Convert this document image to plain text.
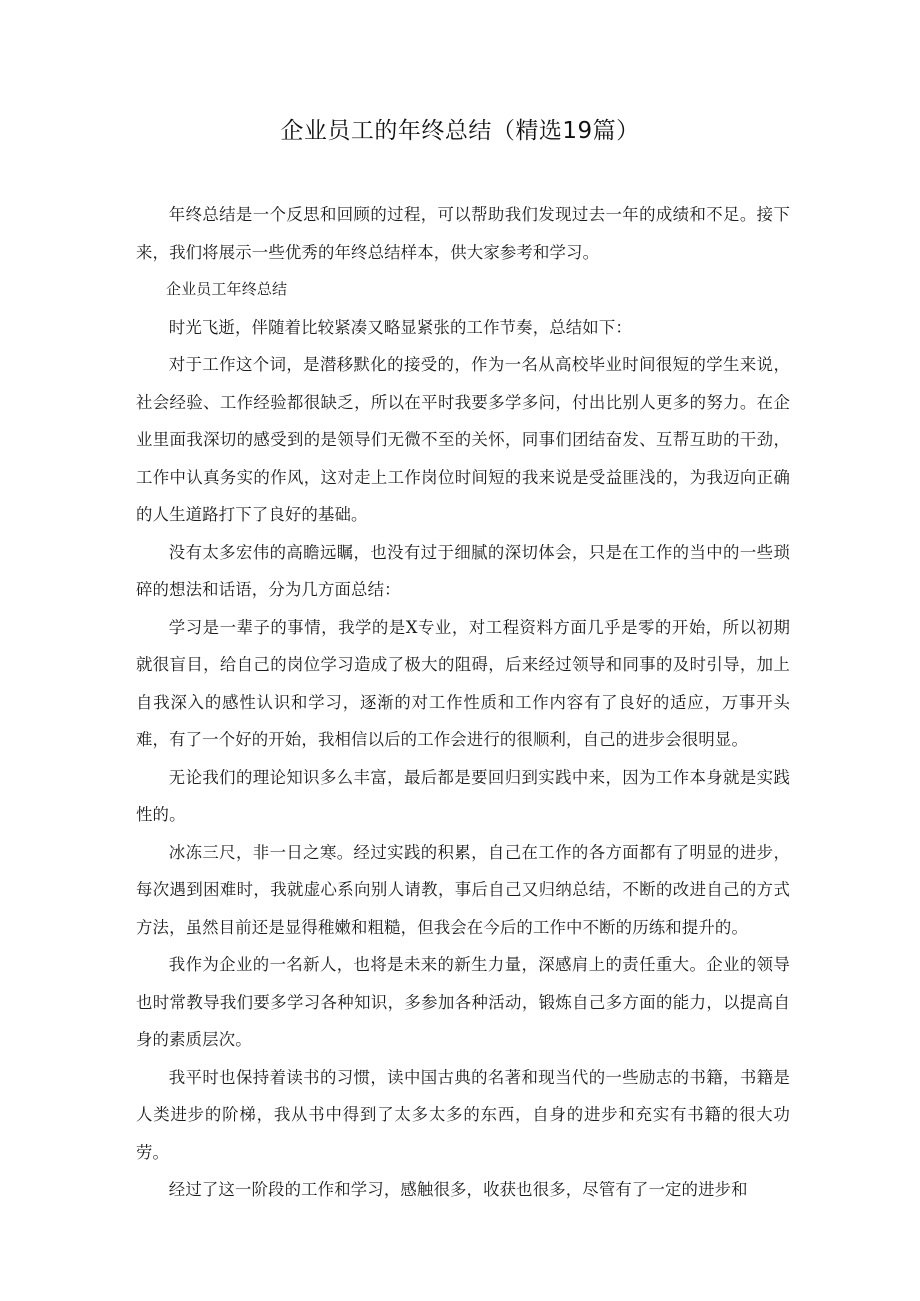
企业员工的年终总结（精选19篇）

年终总结是一个反思和回顾的过程，可以帮助我们发现过去一年的成绩和不足。接下来，我们将展示一些优秀的年终总结样本，供大家参考和学习。

企业员工年终总结

时光飞逝，伴随着比较紧凑又略显紧张的工作节奏，总结如下：

对于工作这个词，是潜移默化的接受的，作为一名从高校毕业时间很短的学生来说，社会经验、工作经验都很缺乏，所以在平时我要多学多问，付出比别人更多的努力。在企业里面我深切的感受到的是领导们无微不至的关怀，同事们团结奋发、互帮互助的干劲，工作中认真务实的作风，这对走上工作岗位时间短的我来说是受益匪浅的，为我迈向正确的人生道路打下了良好的基础。

没有太多宏伟的高瞻远瞩，也没有过于细腻的深切体会，只是在工作的当中的一些琐碎的想法和话语，分为几方面总结：

学习是一辈子的事情，我学的是X专业，对工程资料方面几乎是零的开始，所以初期就很盲目，给自己的岗位学习造成了极大的阻碍，后来经过领导和同事的及时引导，加上自我深入的感性认识和学习，逐渐的对工作性质和工作内容有了良好的适应，万事开头难，有了一个好的开始，我相信以后的工作会进行的很顺利，自己的进步会很明显。

无论我们的理论知识多么丰富，最后都是要回归到实践中来，因为工作本身就是实践性的。

冰冻三尺，非一日之寒。经过实践的积累，自己在工作的各方面都有了明显的进步，每次遇到困难时，我就虚心系向别人请教，事后自己又归纳总结，不断的改进自己的方式方法，虽然目前还是显得稚嫩和粗糙，但我会在今后的工作中不断的历练和提升的。

我作为企业的一名新人，也将是未来的新生力量，深感肩上的责任重大。企业的领导也时常教导我们要多学习各种知识，多参加各种活动，锻炼自己多方面的能力，以提高自身的素质层次。

我平时也保持着读书的习惯，读中国古典的名著和现当代的一些励志的书籍，书籍是人类进步的阶梯，我从书中得到了太多太多的东西，自身的进步和充实有书籍的很大功劳。

经过了这一阶段的工作和学习，感触很多，收获也很多，尽管有了一定的进步和
